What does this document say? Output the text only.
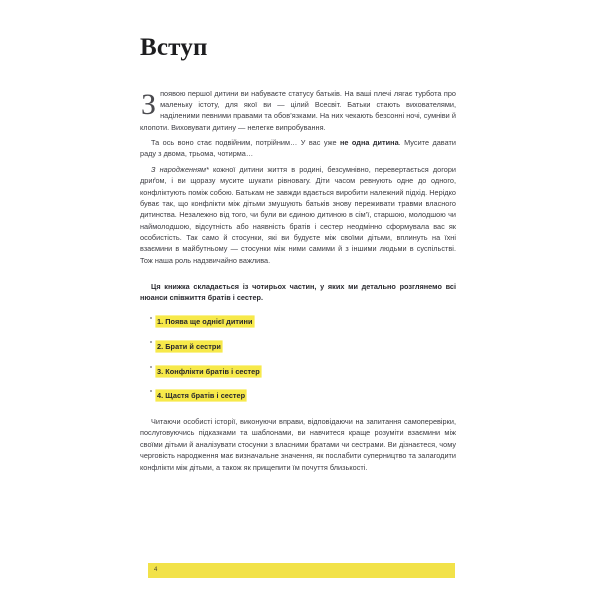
Вступ

Зпоявою першої дитини ви набуваєте статусу батьків. На ваші плечі лягає турбота про маленьку істоту, для якої ви — цілий Всесвіт. Батьки стають вихователями, наділеними певними правами та обов’язками. На них чекають безсонні ночі, сумніви й клопоти. Виховувати дитину — нелегке випробування.

Та ось воно стає подвійним, потрійним… У вас уже не одна дитина. Мусите давати раду з двома, трьома, чотирма…

З народженням* кожної дитини життя в родині, безсумнівно, перевертається догори дриґом, і ви щоразу мусите шукати рівновагу. Діти часом ревнують одне до одного, конфліктують поміж собою. Батькам не завжди вдається виробити належний підхід. Нерідко буває так, що конфлікти між дітьми змушують батьків знову переживати травми власного дитинства. Незалежно від того, чи були ви єдиною дитиною в сім’ї, старшою, молодшою чи наймолодшою, відсутність або наявність братів і сестер неодмінно сформувала вас як особистість. Так само й стосунки, які ви будуєте між своїми дітьми, вплинуть на їхні взаємини в майбутньому — стосунки між ними самими й з іншими людьми в суспільстві. Тож наша роль надзвичайно важлива.

Ця книжка складається із чотирьох частин, у яких ми детально розглянемо всі нюанси співжиття братів і сестер.

1. Поява ще однієї дитини
2. Брати й сестри
3. Конфлікти братів і сестер
4. Щастя братів і сестер

Читаючи особисті історії, виконуючи вправи, відповідаючи на запитання самоперевірки, послуговуючись підказками та шаблонами, ви навчитеся краще розуміти взаємини між своїми дітьми й аналізувати стосунки з власними братами чи сестрами. Ви дізнаєтеся, чому черговість народження має визначальне значення, як послабити суперництво та залагодити конфлікти між дітьми, а також як прищепити їм почуття близькості.

4
